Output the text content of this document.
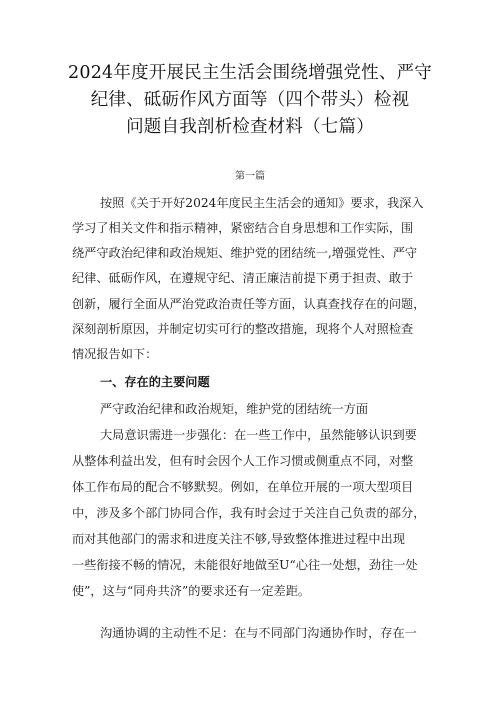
2024年度开展民主生活会围绕增强党性、严守
纪律、砥砺作风方面等（四个带头）检视
问题自我剖析检查材料（七篇）
第一篇
按照《关于开好2024年度民主生活会的通知》要求，我深入
学习了相关文件和指示精神，紧密结合自身思想和工作实际，围
绕严守政治纪律和政治规矩、维护党的团结统一,增强党性、严守
纪律、砥砺作风，在遵规守纪、清正廉洁前提下勇于担责、敢于
创新，履行全面从严治党政治责任等方面，认真查找存在的问题，
深刻剖析原因，并制定切实可行的整改措施，现将个人对照检查
情况报告如下：
一、存在的主要问题
严守政治纪律和政治规矩，维护党的团结统一方面
大局意识需进一步强化：在一些工作中，虽然能够认识到要
从整体利益出发，但有时会因个人工作习惯或侧重点不同，对整
体工作布局的配合不够默契。例如，在单位开展的一项大型项目
中，涉及多个部门协同合作，我有时会过于关注自己负责的部分，
而对其他部门的需求和进度关注不够,导致整体推进过程中出现
一些衔接不畅的情况，未能很好地做至U“心往一处想，劲往一处
使”，这与“同舟共济”的要求还有一定差距。
沟通协调的主动性不足：在与不同部门沟通协作时，存在一
